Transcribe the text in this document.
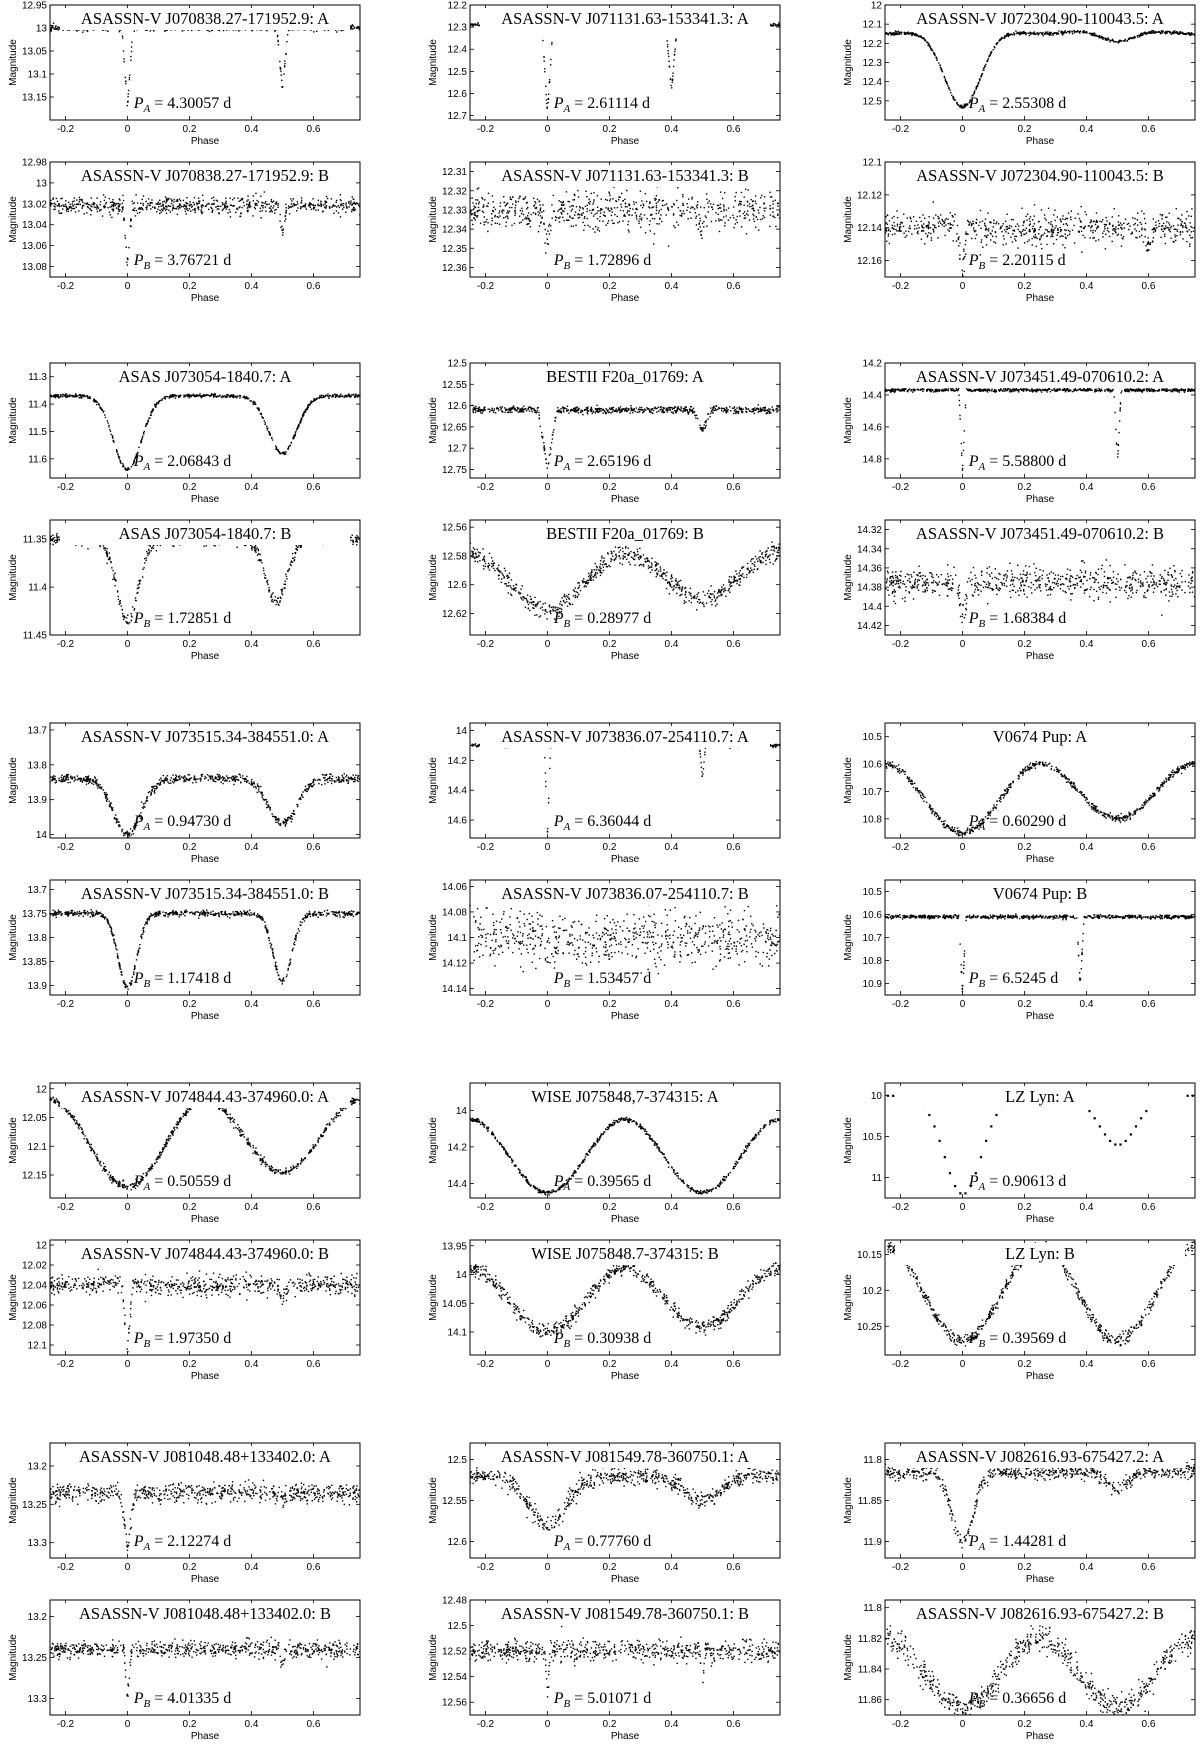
12.95
13
13.05
13.1
13.15
-0.2	0	0.2	0.4	0.6
Phase
Magnitude
ASASSN-V J070838.27-171952.9: A
$P_A = 4.30057$ d
12.2
12.3
12.4
12.5
12.6
12.7
-0.2	0	0.2	0.4	0.6
Phase
Magnitude
ASASSN-V J071131.63-153341.3: A
$P_A = 2.61114$ d
12
12.1
12.2
12.3
12.4
12.5
-0.2	0	0.2	0.4	0.6
Phase
Magnitude
ASASSN-V J072304.90-110043.5: A
$P_A = 2.55308$ d
12.98
13
13.02
13.04
13.06
13.08
-0.2	0	0.2	0.4	0.6
Phase
Magnitude
ASASSN-V J070838.27-171952.9: B
$P_B = 3.76721$ d
12.31
12.32
12.33
12.34
12.35
12.36
-0.2	0	0.2	0.4	0.6
Phase
Magnitude
ASASSN-V J071131.63-153341.3: B
$P_B = 1.72896$ d
12.1
12.12
12.14
12.16
-0.2	0	0.2	0.4	0.6
Phase
Magnitude
ASASSN-V J072304.90-110043.5: B
$P_B = 2.20115$ d
11.3
11.4
11.5
11.6
-0.2	0	0.2	0.4	0.6
Phase
Magnitude
ASAS J073054-1840.7: A
$P_A = 2.06843$ d
12.5
12.55
12.6
12.65
12.7
12.75
-0.2	0	0.2	0.4	0.6
Phase
Magnitude
BESTII F20a_01769: A
$P_A = 2.65196$ d
14.2
14.4
14.6
14.8
-0.2	0	0.2	0.4	0.6
Phase
Magnitude
ASASSN-V J073451.49-070610.2: A
$P_A = 5.58800$ d
11.35
11.4
11.45
-0.2	0	0.2	0.4	0.6
Phase
Magnitude
ASAS J073054-1840.7: B
$P_B = 1.72851$ d
12.56
12.58
12.6
12.62
-0.2	0	0.2	0.4	0.6
Phase
Magnitude
BESTII F20a_01769: B
$P_B = 0.28977$ d
14.32
14.34
14.36
14.38
14.4
14.42
-0.2	0	0.2	0.4	0.6
Phase
Magnitude
ASASSN-V J073451.49-070610.2: B
$P_B = 1.68384$ d
13.7
13.8
13.9
14
-0.2	0	0.2	0.4	0.6
Phase
Magnitude
ASASSN-V J073515.34-384551.0: A
$P_A = 0.94730$ d
14
14.2
14.4
14.6
-0.2	0	0.2	0.4	0.6
Phase
Magnitude
ASASSN-V J073836.07-254110.7: A
$P_A = 6.36044$ d
10.5
10.6
10.7
10.8
-0.2	0	0.2	0.4	0.6
Phase
Magnitude
V0674 Pup: A
$P_A = 0.60290$ d
13.7
13.75
13.8
13.85
13.9
-0.2	0	0.2	0.4	0.6
Phase
Magnitude
ASASSN-V J073515.34-384551.0: B
$P_B = 1.17418$ d
14.06
14.08
14.1
14.12
14.14
-0.2	0	0.2	0.4	0.6
Phase
Magnitude
ASASSN-V J073836.07-254110.7: B
$P_B = 1.53457$ d
10.5
10.6
10.7
10.8
10.9
-0.2	0	0.2	0.4	0.6
Phase
Magnitude
V0674 Pup: B
$P_B = 6.5245$ d
12
12.05
12.1
12.15
-0.2	0	0.2	0.4	0.6
Phase
Magnitude
ASASSN-V J074844.43-374960.0: A
$P_A = 0.50559$ d
14
14.2
14.4
-0.2	0	0.2	0.4	0.6
Phase
Magnitude
WISE J075848,7-374315: A
$P_A = 0.39565$ d
10
10.5
11
-0.2	0	0.2	0.4	0.6
Phase
Magnitude
LZ Lyn: A
$P_A = 0.90613$ d
12
12.02
12.04
12.06
12.08
12.1
-0.2	0	0.2	0.4	0.6
Phase
Magnitude
ASASSN-V J074844.43-374960.0: B
$P_B = 1.97350$ d
13.95
14
14.05
14.1
-0.2	0	0.2	0.4	0.6
Phase
Magnitude
WISE J075848.7-374315: B
$P_B = 0.30938$ d
10.15
10.2
10.25
-0.2	0	0.2	0.4	0.6
Phase
Magnitude
LZ Lyn: B
$P_B = 0.39569$ d
13.2
13.25
13.3
-0.2	0	0.2	0.4	0.6
Phase
Magnitude
ASASSN-V J081048.48+133402.0: A
$P_A = 2.12274$ d
12.5
12.55
12.6
-0.2	0	0.2	0.4	0.6
Phase
Magnitude
ASASSN-V J081549.78-360750.1: A
$P_A = 0.77760$ d
11.8
11.85
11.9
-0.2	0	0.2	0.4	0.6
Phase
Magnitude
ASASSN-V J082616.93-675427.2: A
$P_A = 1.44281$ d
13.2
13.25
13.3
-0.2	0	0.2	0.4	0.6
Phase
Magnitude
ASASSN-V J081048.48+133402.0: B
$P_B = 4.01335$ d
12.48
12.5
12.52
12.54
12.56
-0.2	0	0.2	0.4	0.6
Phase
Magnitude
ASASSN-V J081549.78-360750.1: B
$P_B = 5.01071$ d
11.8
11.82
11.84
11.86
-0.2	0	0.2	0.4	0.6
Phase
Magnitude
ASASSN-V J082616.93-675427.2: B
$P_B = 0.36656$ d
